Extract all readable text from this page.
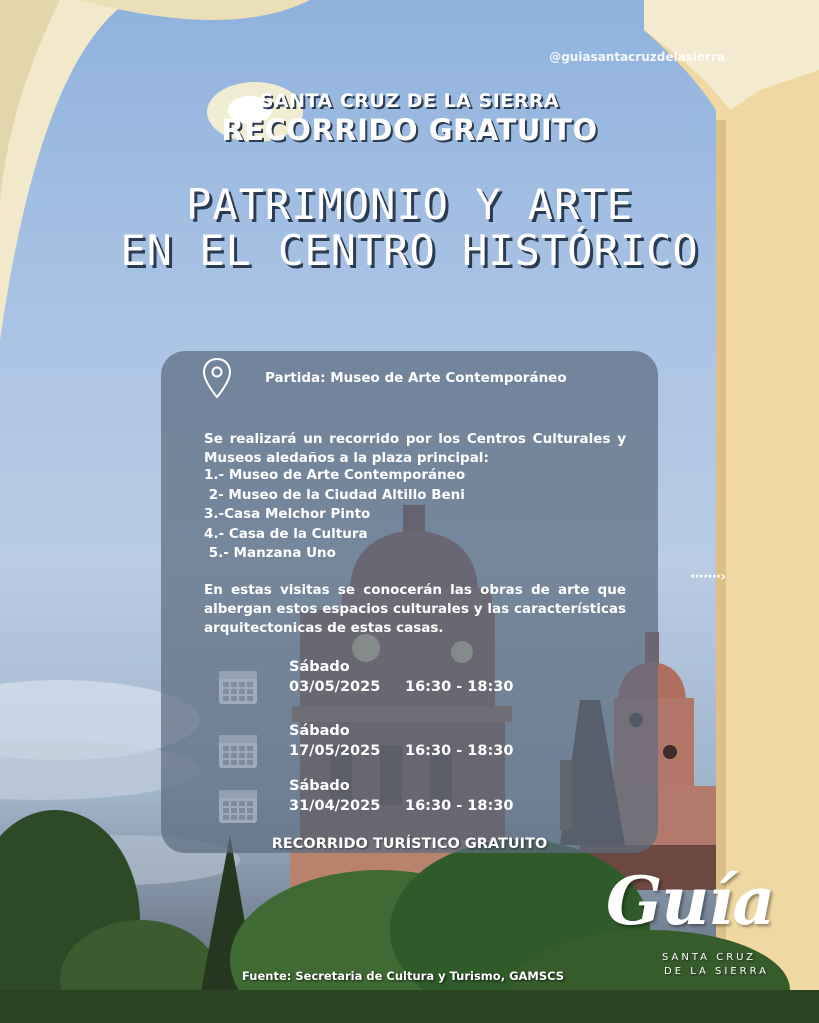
@guiasantacruzdelasierra
SANTA CRUZ DE LA SIERRA
RECORRIDO GRATUITO
PATRIMONIO Y ARTE
EN EL CENTRO HISTÓRICO
Partida: Museo de Arte Contemporáneo
Se realizará un recorrido por los Centros Culturales y Museos aledaños a la plaza principal:
1.- Museo de Arte Contemporáneo
2- Museo de la Ciudad Altillo Beni
3.-Casa Melchor Pinto
4.- Casa de la Cultura
5.- Manzana Uno
En estas visitas se conocerán las obras de arte que albergan estos espacios culturales y las características arquitectonicas de estas casas.
Sábado
03/05/2025 16:30 - 18:30
Sábado
17/05/2025 16:30 - 18:30
Sábado
31/04/2025 16:30 - 18:30
RECORRIDO TURÍSTICO GRATUITO
·······›
Fuente: Secretaria de Cultura y Turismo, GAMSCS
Guía
SANTA CRUZ
DE LA SIERRA
